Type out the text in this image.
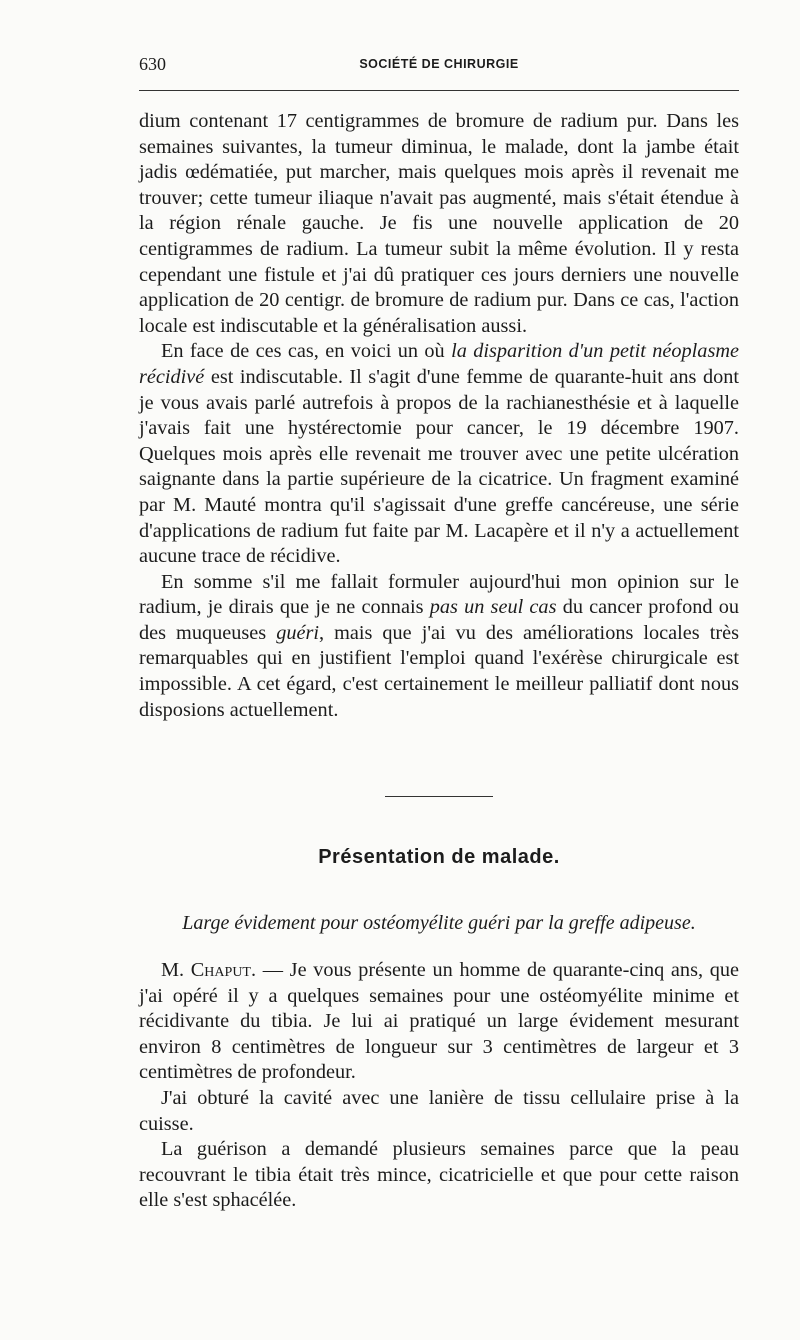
630	SOCIÉTÉ DE CHIRURGIE

dium contenant 17 centigrammes de bromure de radium pur. Dans les semaines suivantes, la tumeur diminua, le malade, dont la jambe était jadis œdématiée, put marcher, mais quelques mois après il revenait me trouver; cette tumeur iliaque n'avait pas augmenté, mais s'était étendue à la région rénale gauche. Je fis une nouvelle application de 20 centigrammes de radium. La tumeur subit la même évolution. Il y resta cependant une fistule et j'ai dû pratiquer ces jours derniers une nouvelle application de 20 centigr. de bromure de radium pur. Dans ce cas, l'action locale est indiscutable et la généralisation aussi.

En face de ces cas, en voici un où la disparition d'un petit néoplasme récidivé est indiscutable. Il s'agit d'une femme de quarante-huit ans dont je vous avais parlé autrefois à propos de la rachianesthésie et à laquelle j'avais fait une hystérectomie pour cancer, le 19 décembre 1907. Quelques mois après elle revenait me trouver avec une petite ulcération saignante dans la partie supérieure de la cicatrice. Un fragment examiné par M. Mauté montra qu'il s'agissait d'une greffe cancéreuse, une série d'applications de radium fut faite par M. Lacapère et il n'y a actuellement aucune trace de récidive.

En somme s'il me fallait formuler aujourd'hui mon opinion sur le radium, je dirais que je ne connais pas un seul cas du cancer profond ou des muqueuses guéri, mais que j'ai vu des améliorations locales très remarquables qui en justifient l'emploi quand l'exérèse chirurgicale est impossible. A cet égard, c'est certainement le meilleur palliatif dont nous disposions actuellement.

Présentation de malade.
Large évidement pour ostéomyélite guéri par la greffe adipeuse.

M. Chaput. — Je vous présente un homme de quarante-cinq ans, que j'ai opéré il y a quelques semaines pour une ostéomyélite minime et récidivante du tibia. Je lui ai pratiqué un large évidement mesurant environ 8 centimètres de longueur sur 3 centimètres de largeur et 3 centimètres de profondeur.

J'ai obturé la cavité avec une lanière de tissu cellulaire prise à la cuisse.

La guérison a demandé plusieurs semaines parce que la peau recouvrant le tibia était très mince, cicatricielle et que pour cette raison elle s'est sphacélée.
